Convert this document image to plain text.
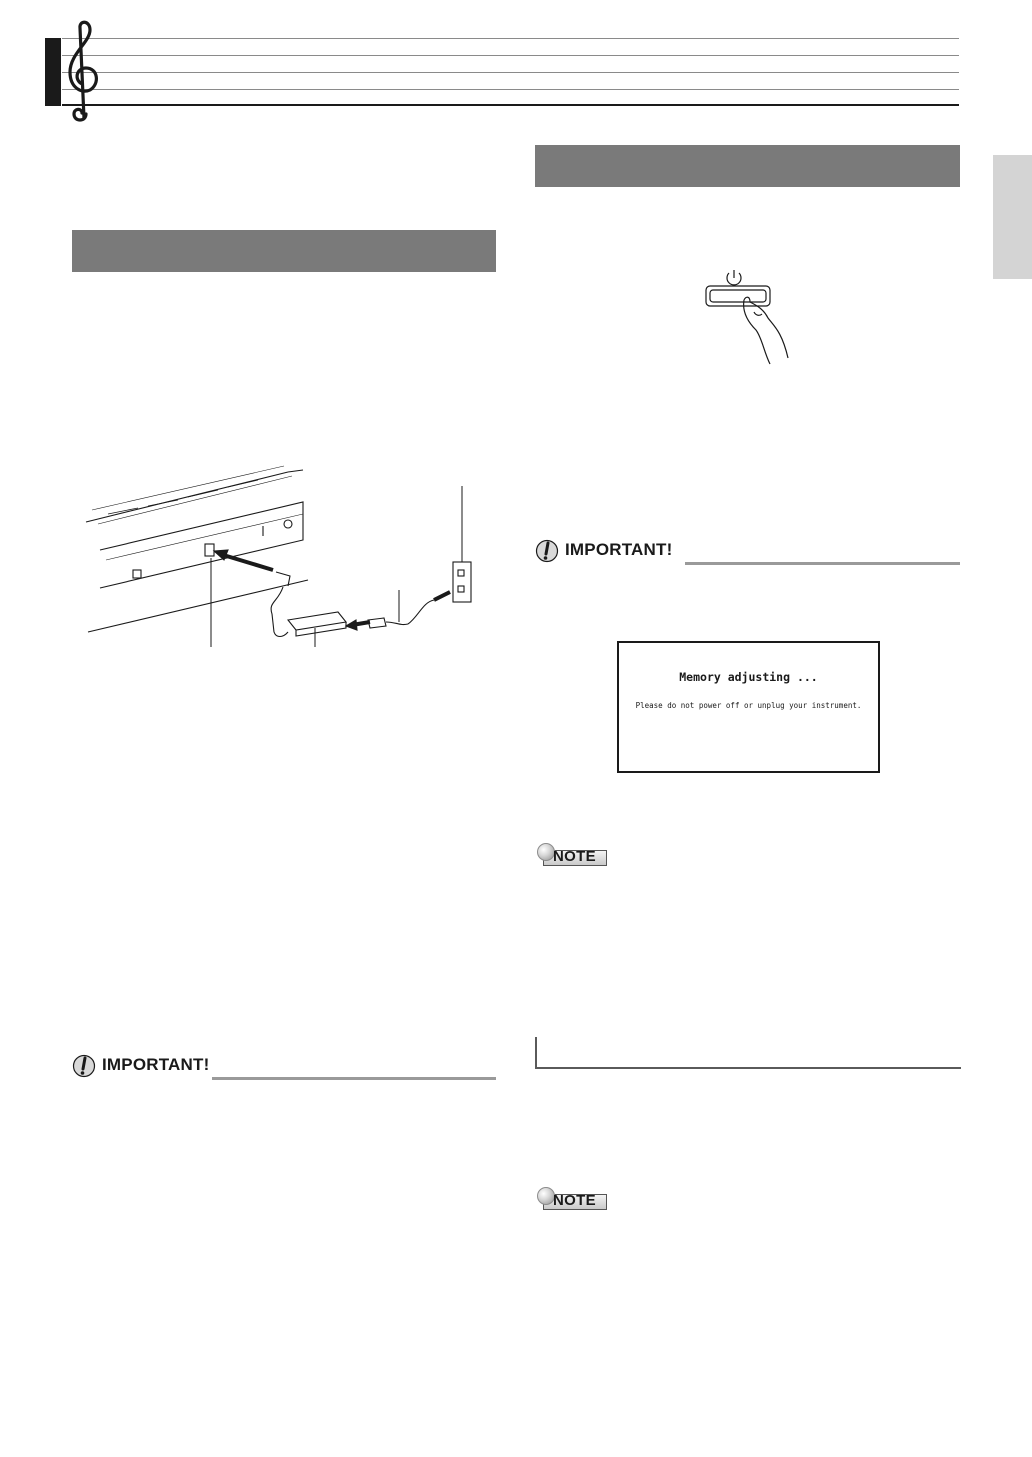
IMPORTANT!
Memory adjusting ...
Please do not power off or unplug your instrument.
NOTE
NOTE
IMPORTANT!
